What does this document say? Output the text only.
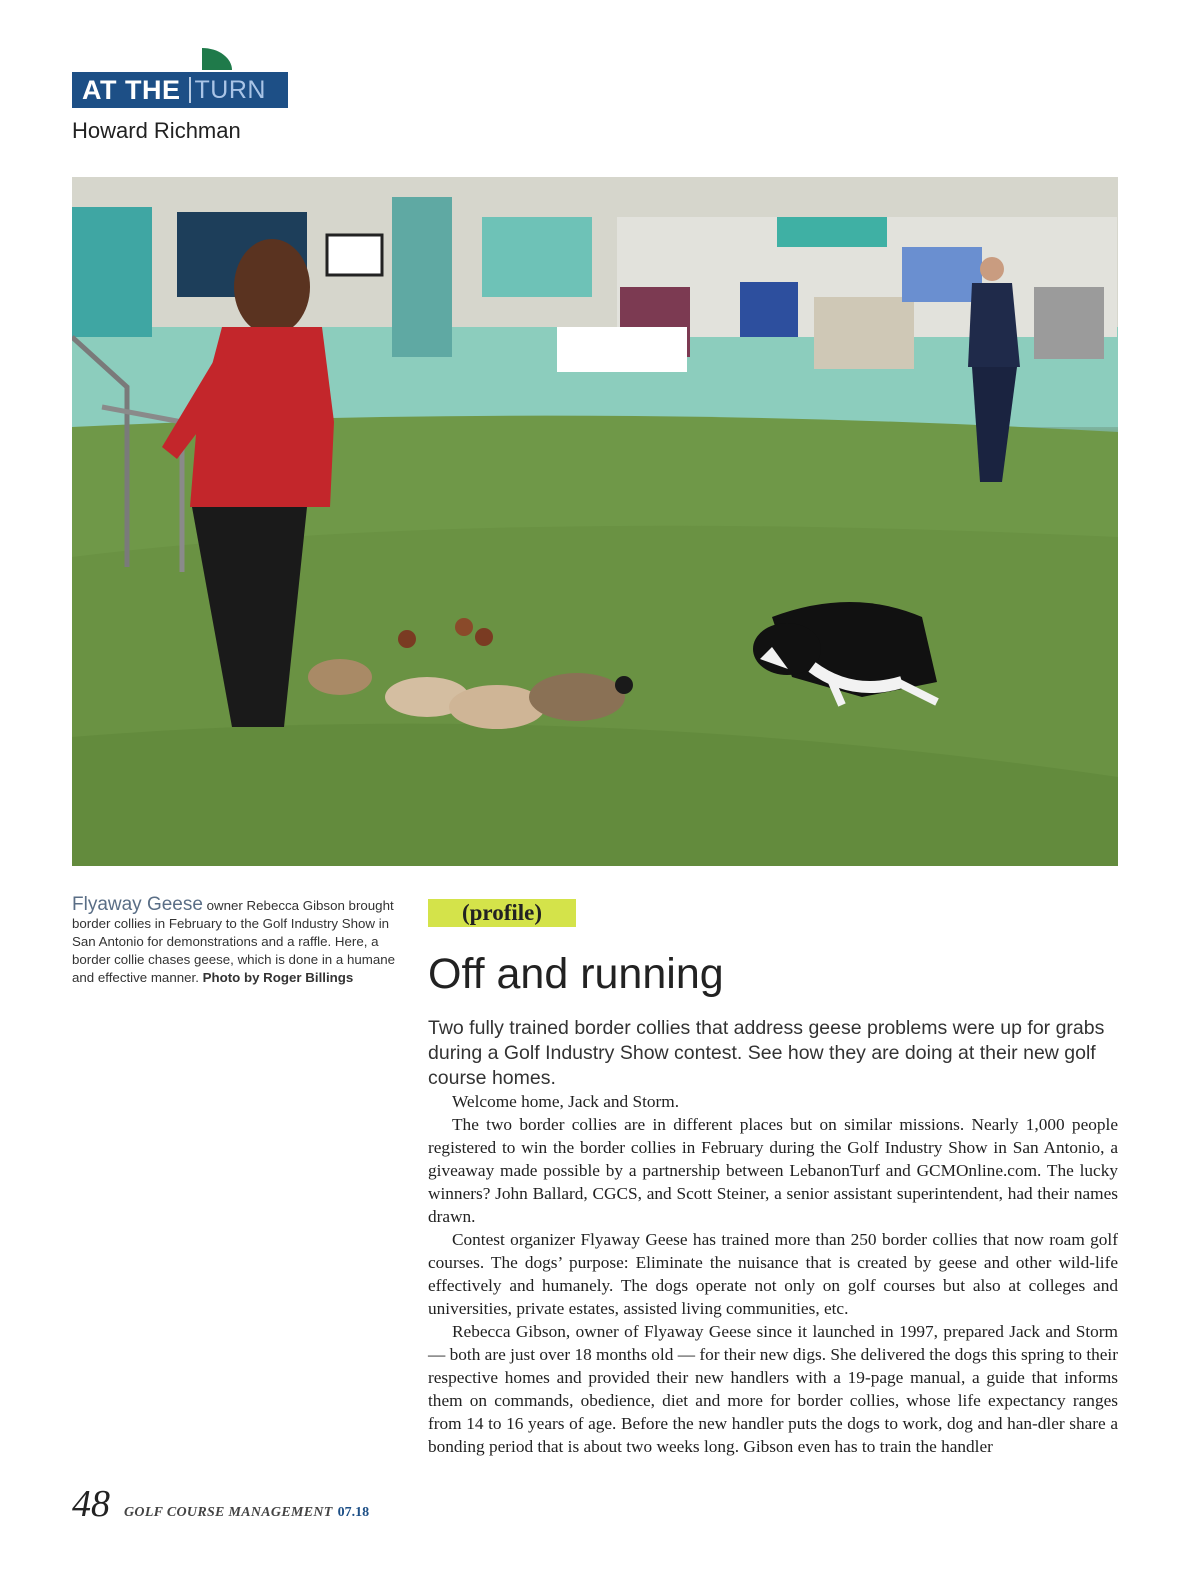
AT THE TURN
Howard Richman
Flyaway Geese owner Rebecca Gibson brought border collies in February to the Golf Industry Show in San Antonio for demonstrations and a raffle. Here, a border collie chases geese, which is done in a humane and effective manner. Photo by Roger Billings
(profile)
Off and running
Two fully trained border collies that address geese problems were up for grabs during a Golf Industry Show contest. See how they are doing at their new golf course homes.

Welcome home, Jack and Storm.

The two border collies are in different places but on similar missions. Nearly 1,000 people registered to win the border collies in February during the Golf Industry Show in San Antonio, a giveaway made possible by a partnership between LebanonTurf and GCMOnline.com. The lucky winners? John Ballard, CGCS, and Scott Steiner, a senior assistant superintendent, had their names drawn.

Contest organizer Flyaway Geese has trained more than 250 border collies that now roam golf courses. The dogs’ purpose: Eliminate the nuisance that is created by geese and other wild-life effectively and humanely. The dogs operate not only on golf courses but also at colleges and universities, private estates, assisted living communities, etc.

Rebecca Gibson, owner of Flyaway Geese since it launched in 1997, prepared Jack and Storm — both are just over 18 months old — for their new digs. She delivered the dogs this spring to their respective homes and provided their new handlers with a 19-page manual, a guide that informs them on commands, obedience, diet and more for border collies, whose life expectancy ranges from 14 to 16 years of age. Before the new handler puts the dogs to work, dog and han-dler share a bonding period that is about two weeks long. Gibson even has to train the handler

48 GOLF COURSE MANAGEMENT 07.18
